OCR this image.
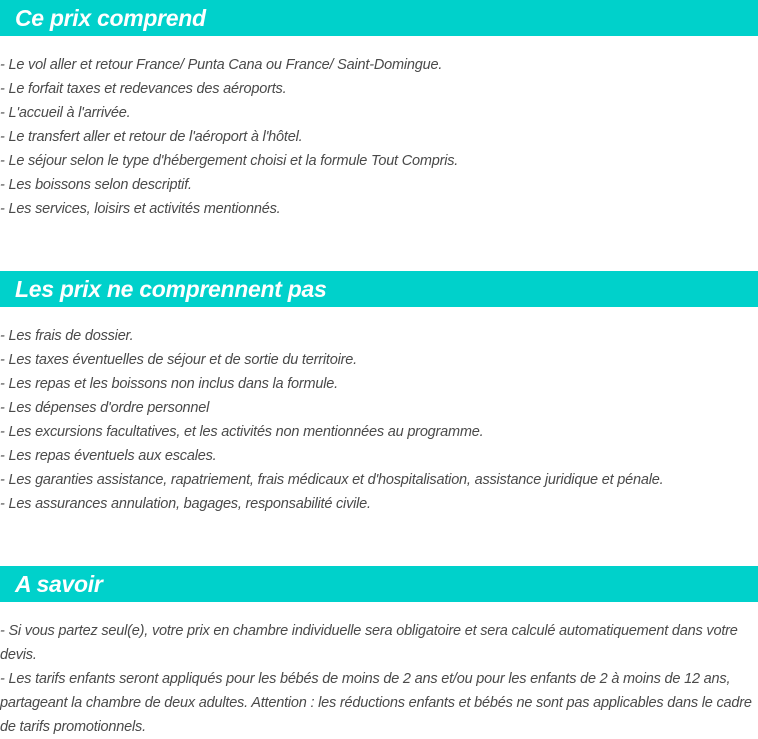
Ce prix comprend
- Le vol aller et retour France/ Punta Cana ou France/ Saint-Domingue.
- Le forfait taxes et redevances des aéroports.
- L'accueil à l'arrivée.
- Le transfert aller et retour de l'aéroport à l'hôtel.
- Le séjour selon le type d'hébergement choisi et la formule Tout Compris.
- Les boissons selon descriptif.
- Les services, loisirs et activités mentionnés.
Les prix ne comprennent pas
- Les frais de dossier.
- Les taxes éventuelles de séjour et de sortie du territoire.
- Les repas et les boissons non inclus dans la formule.
- Les dépenses d'ordre personnel
- Les excursions facultatives, et les activités non mentionnées au programme.
- Les repas éventuels aux escales.
- Les garanties assistance, rapatriement, frais médicaux et d'hospitalisation, assistance juridique et pénale.
- Les assurances annulation, bagages, responsabilité civile.
A savoir
- Si vous partez seul(e), votre prix en chambre individuelle sera obligatoire et sera calculé automatiquement dans votre devis.
- Les tarifs enfants seront appliqués pour les bébés de moins de 2 ans et/ou pour les enfants de 2 à moins de 12 ans, partageant la chambre de deux adultes. Attention : les réductions enfants et bébés ne sont pas applicables dans le cadre de tarifs promotionnels.
